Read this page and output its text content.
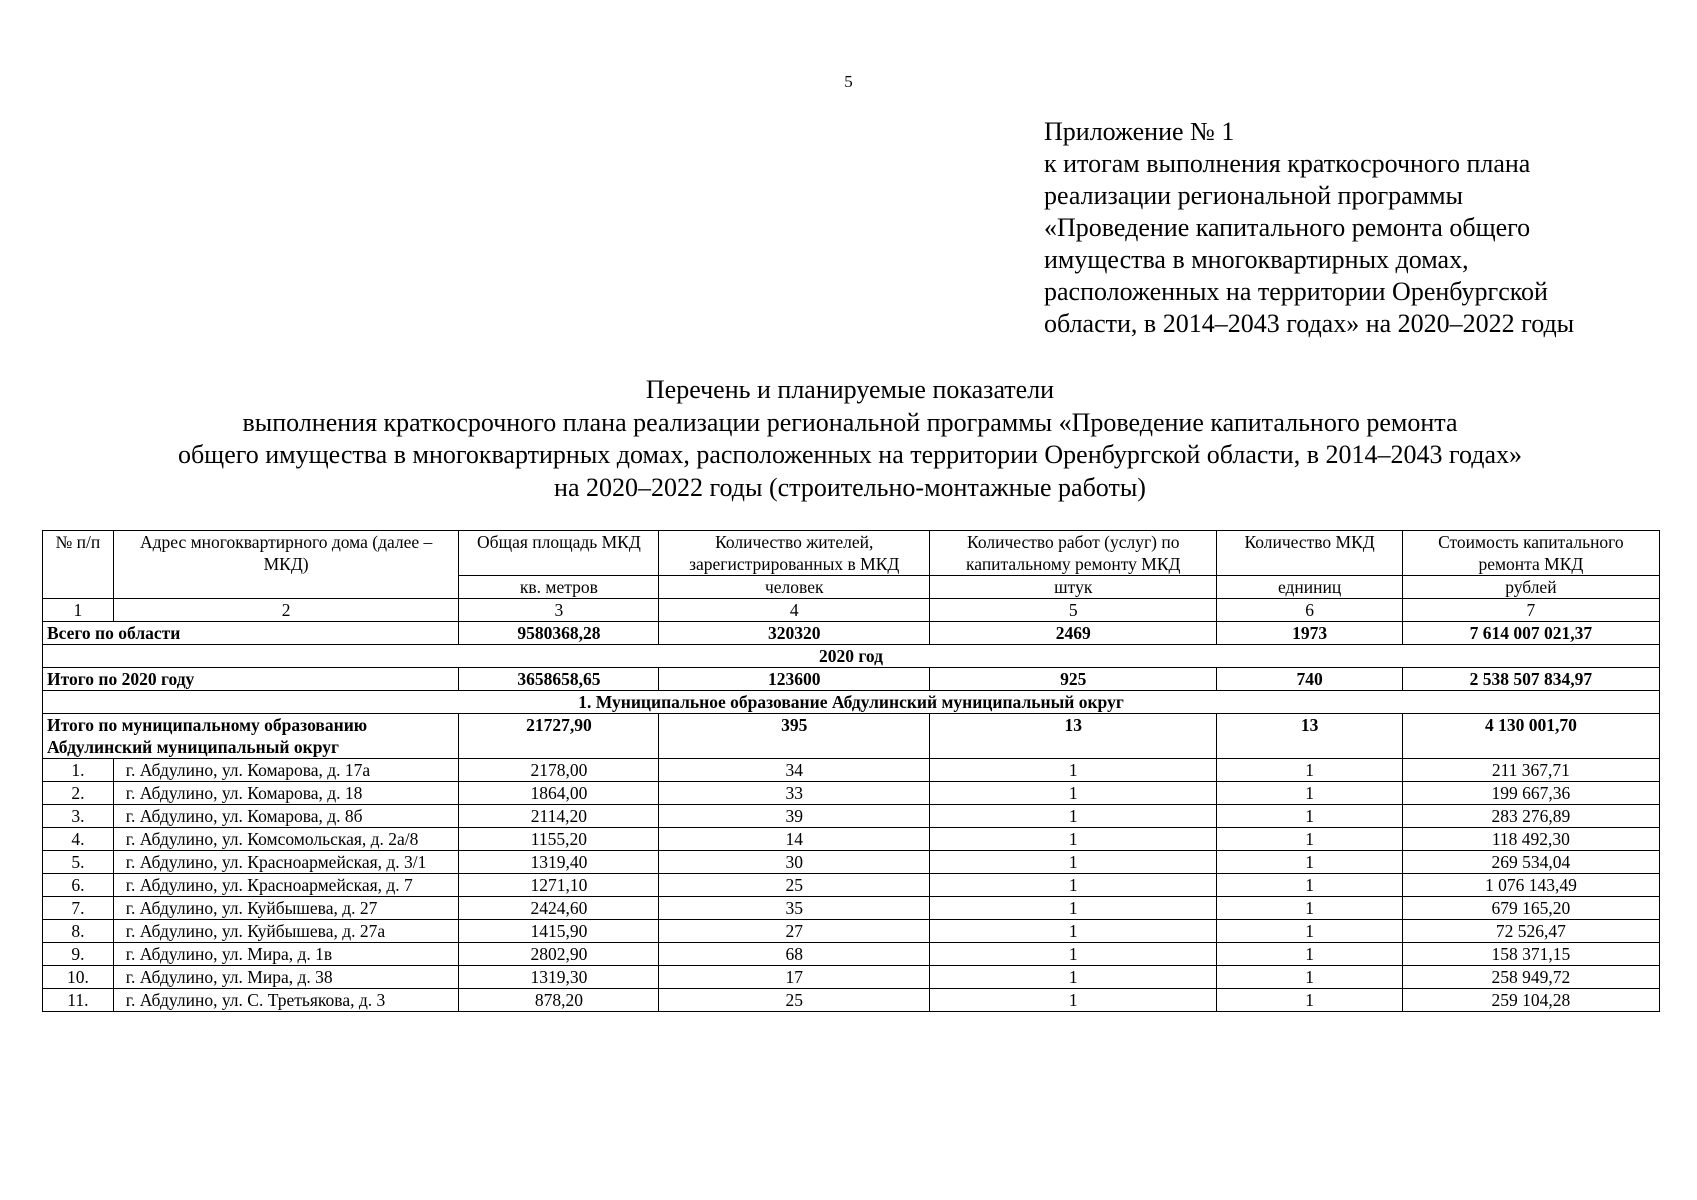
5
Приложение № 1
к итогам выполнения краткосрочного плана
реализации региональной программы
«Проведение капитального ремонта общего
имущества в многоквартирных домах,
расположенных на территории Оренбургской
области, в 2014–2043 годах» на 2020–2022 годы
Перечень и планируемые показатели
выполнения краткосрочного плана реализации региональной программы «Проведение капитального ремонта
общего имущества в многоквартирных домах, расположенных на территории Оренбургской области, в 2014–2043 годах»
на 2020–2022 годы (строительно-монтажные работы)
№ п/п	Адрес многоквартирного дома (далее – МКД)	Общая площадь МКД	Количество жителей, зарегистрированных в МКД	Количество работ (услуг) по капитальному ремонту МКД	Количество МКД	Стоимость капитального ремонта МКД
		кв. метров	человек	штук	едниниц	рублей
1	2	3	4	5	6	7
Всего по области		9580368,28	320320	2469	1973	7 614 007 021,37
2020 год						
Итого по 2020 году		3658658,65	123600	925	740	2 538 507 834,97
1. Муниципальное образование Абдулинский муниципальный округ						
Итого по муниципальному образованию Абдулинский муниципальный округ		21727,90	395	13	13	4 130 001,70
1.	г. Абдулино, ул. Комарова, д. 17а	2178,00	34	1	1	211 367,71
2.	г. Абдулино, ул. Комарова, д. 18	1864,00	33	1	1	199 667,36
3.	г. Абдулино, ул. Комарова, д. 8б	2114,20	39	1	1	283 276,89
4.	г. Абдулино, ул. Комсомольская, д. 2а/8	1155,20	14	1	1	118 492,30
5.	г. Абдулино, ул. Красноармейская, д. 3/1	1319,40	30	1	1	269 534,04
6.	г. Абдулино, ул. Красноармейская, д. 7	1271,10	25	1	1	1 076 143,49
7.	г. Абдулино, ул. Куйбышева, д. 27	2424,60	35	1	1	679 165,20
8.	г. Абдулино, ул. Куйбышева, д. 27а	1415,90	27	1	1	72 526,47
9.	г. Абдулино, ул. Мира, д. 1в	2802,90	68	1	1	158 371,15
10.	г. Абдулино, ул. Мира, д. 38	1319,30	17	1	1	258 949,72
11.	г. Абдулино, ул. С. Третьякова, д. 3	878,20	25	1	1	259 104,28
